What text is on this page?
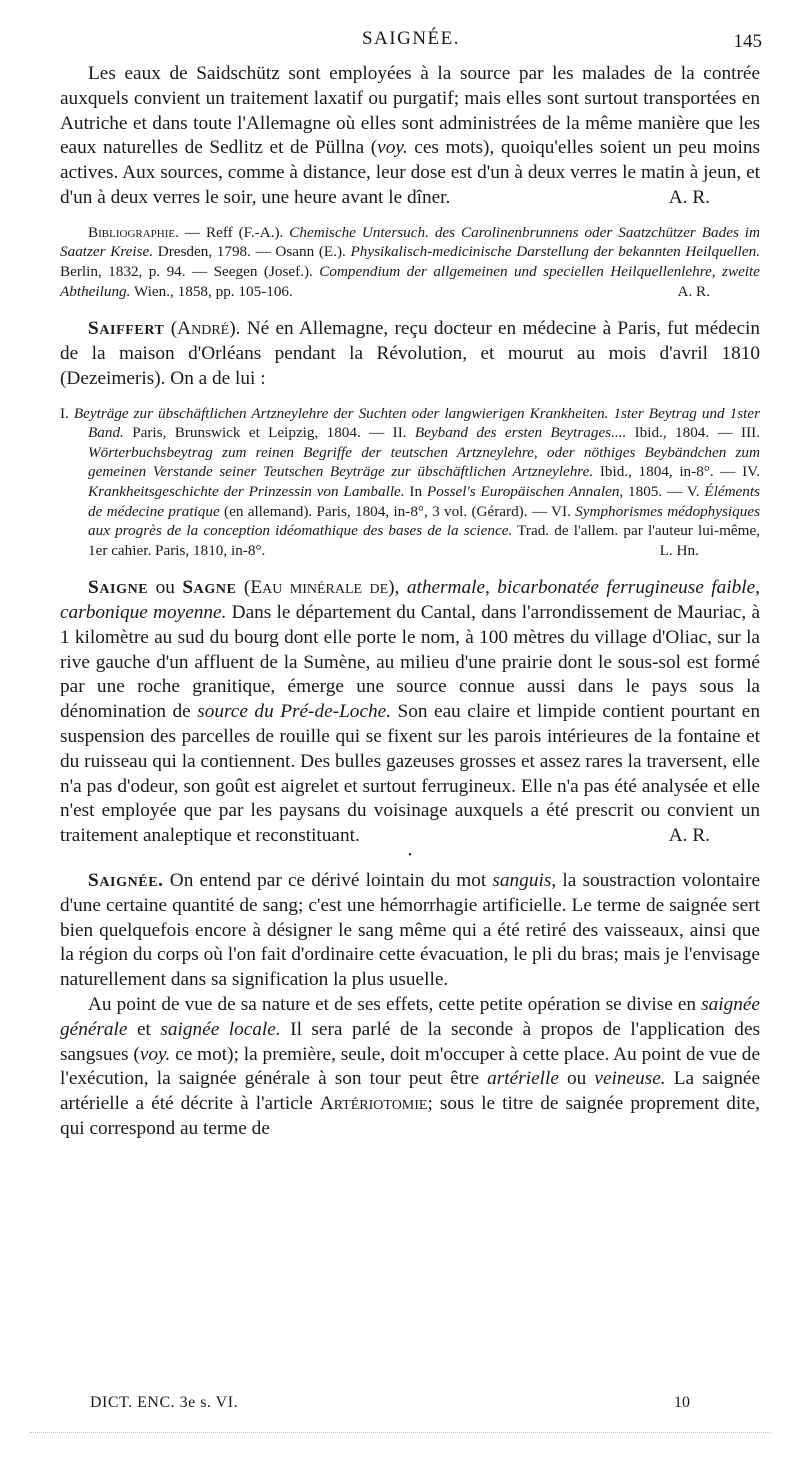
SAIGNÉE.	145

Les eaux de Saidschütz sont employées à la source par les malades de la contrée auxquels convient un traitement laxatif ou purgatif; mais elles sont surtout transportées en Autriche et dans toute l'Allemagne où elles sont administrées de la même manière que les eaux naturelles de Sedlitz et de Püllna (voy. ces mots), quoiqu'elles soient un peu moins actives. Aux sources, comme à distance, leur dose est d'un à deux verres le matin à jeun, et d'un à deux verres le soir, une heure avant le dîner.	A. R.

Bibliographie. — Reff (F.-A.). Chemische Untersuch. des Carolinenbrunnens oder Saatzchützer Bades im Saatzer Kreise. Dresden, 1798. — Osann (E.). Physikalisch-medicinische Darstellung der bekannten Heilquellen. Berlin, 1832, p. 94. — Seegen (Josef.). Compendium der allgemeinen und speciellen Heilquellenlehre, zweite Abtheilung. Wien., 1858, pp. 105-106.	A. R.

Saiffert (André). Né en Allemagne, reçu docteur en médecine à Paris, fut médecin de la maison d'Orléans pendant la Révolution, et mourut au mois d'avril 1810 (Dezeimeris). On a de lui :

I. Beyträge zur übschäftlichen Artzneylehre der Suchten oder langwierigen Krankheiten. 1ster Beytrag und 1ster Band. Paris, Brunswick et Leipzig, 1804. — II. Beyband des ersten Beytrages.... Ibid., 1804. — III. Wörterbuchsbeytrag zum reinen Begriffe der teutschen Artzneylehre, oder nöthiges Beybändchen zum gemeinen Verstande seiner Teutschen Beyträge zur übschäftlichen Artzneylehre. Ibid., 1804, in-8°. — IV. Krankheitsgeschichte der Prinzessin von Lamballe. In Possel's Europäischen Annalen, 1805. — V. Éléments de médecine pratique (en allemand). Paris, 1804, in-8°, 3 vol. (Gérard). — VI. Symphorismes médophysiques aux progrès de la conception idéomathique des bases de la science. Trad. de l'allem. par l'auteur lui-même, 1er cahier. Paris, 1810, in-8°.	L. Hn.

Saigne ou Sagne (Eau minérale de), athermale, bicarbonatée ferrugineuse faible, carbonique moyenne. Dans le département du Cantal, dans l'arrondissement de Mauriac, à 1 kilomètre au sud du bourg dont elle porte le nom, à 100 mètres du village d'Oliac, sur la rive gauche d'un affluent de la Sumène, au milieu d'une prairie dont le sous-sol est formé par une roche granitique, émerge une source connue aussi dans le pays sous la dénomination de source du Pré-de-Loche. Son eau claire et limpide contient pourtant en suspension des parcelles de rouille qui se fixent sur les parois intérieures de la fontaine et du ruisseau qui la contiennent. Des bulles gazeuses grosses et assez rares la traversent, elle n'a pas d'odeur, son goût est aigrelet et surtout ferrugineux. Elle n'a pas été analysée et elle n'est employée que par les paysans du voisinage auxquels a été prescrit ou convient un traitement analeptique et reconstituant.	A. R.

•

Saignée. On entend par ce dérivé lointain du mot sanguis, la soustraction volontaire d'une certaine quantité de sang; c'est une hémorrhagie artificielle. Le terme de saignée sert bien quelquefois encore à désigner le sang même qui a été retiré des vaisseaux, ainsi que la région du corps où l'on fait d'ordinaire cette évacuation, le pli du bras; mais je l'envisage naturellement dans sa signification la plus usuelle.

Au point de vue de sa nature et de ses effets, cette petite opération se divise en saignée générale et saignée locale. Il sera parlé de la seconde à propos de l'application des sangsues (voy. ce mot); la première, seule, doit m'occuper à cette place. Au point de vue de l'exécution, la saignée générale à son tour peut être artérielle ou veineuse. La saignée artérielle a été décrite à l'article Artériotomie; sous le titre de saignée proprement dite, qui correspond au terme de

DICT. ENC. 3e s. VI.	10
